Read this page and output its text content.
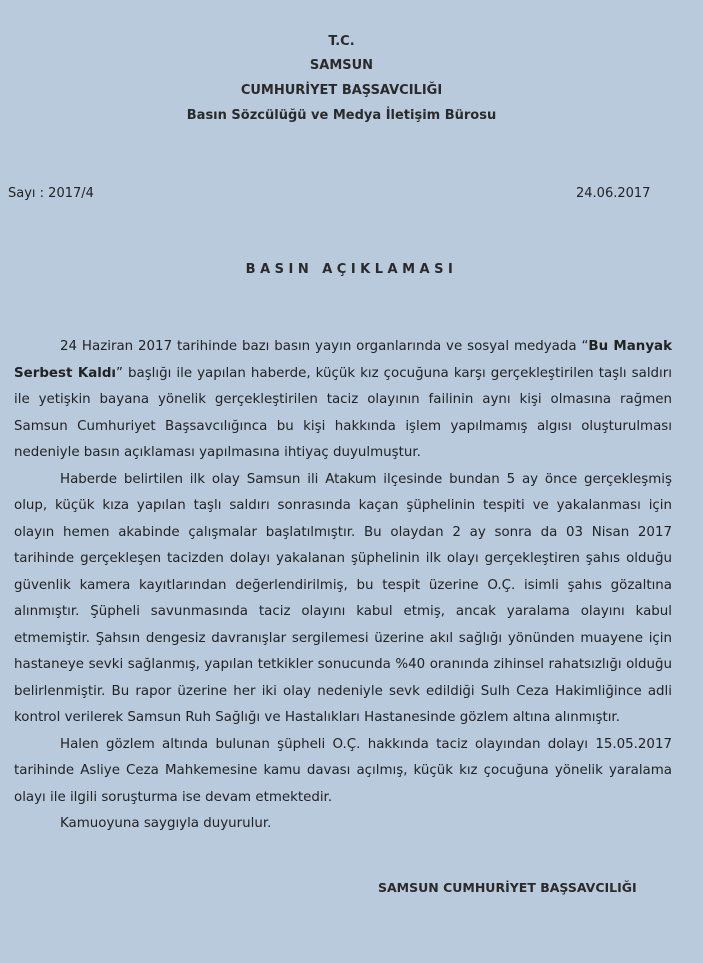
T.C.
SAMSUN
CUMHURİYET BAŞSAVCILIĞI
Basın Sözcülüğü ve Medya İletişim Bürosu
Sayı : 2017/4	24.06.2017
BASIN AÇIKLAMASI

24 Haziran 2017 tarihinde bazı basın yayın organlarında ve sosyal medyada “Bu Manyak Serbest Kaldı” başlığı ile yapılan haberde, küçük kız çocuğuna karşı gerçekleştirilen taşlı saldırı ile yetişkin bayana yönelik gerçekleştirilen taciz olayının failinin aynı kişi olmasına rağmen Samsun Cumhuriyet Başsavcılığınca bu kişi hakkında işlem yapılmamış algısı oluşturulması nedeniyle basın açıklaması yapılmasına ihtiyaç duyulmuştur.

Haberde belirtilen ilk olay Samsun ili Atakum ilçesinde bundan 5 ay önce gerçekleşmiş olup, küçük kıza yapılan taşlı saldırı sonrasında kaçan şüphelinin tespiti ve yakalanması için olayın hemen akabinde çalışmalar başlatılmıştır. Bu olaydan 2 ay sonra da 03 Nisan 2017 tarihinde gerçekleşen tacizden dolayı yakalanan şüphelinin ilk olayı gerçekleştiren şahıs olduğu güvenlik kamera kayıtlarından değerlendirilmiş, bu tespit üzerine O.Ç. isimli şahıs gözaltına alınmıştır. Şüpheli savunmasında taciz olayını kabul etmiş, ancak yaralama olayını kabul etmemiştir. Şahsın dengesiz davranışlar sergilemesi üzerine akıl sağlığı yönünden muayene için hastaneye sevki sağlanmış, yapılan tetkikler sonucunda %40 oranında zihinsel rahatsızlığı olduğu belirlenmiştir. Bu rapor üzerine her iki olay nedeniyle sevk edildiği Sulh Ceza Hakimliğince adli kontrol verilerek Samsun Ruh Sağlığı ve Hastalıkları Hastanesinde gözlem altına alınmıştır.

Halen gözlem altında bulunan şüpheli O.Ç. hakkında taciz olayından dolayı 15.05.2017 tarihinde Asliye Ceza Mahkemesine kamu davası açılmış, küçük kız çocuğuna yönelik yaralama olayı ile ilgili soruşturma ise devam etmektedir.

Kamuoyuna saygıyla duyurulur.

SAMSUN CUMHURİYET BAŞSAVCILIĞI
